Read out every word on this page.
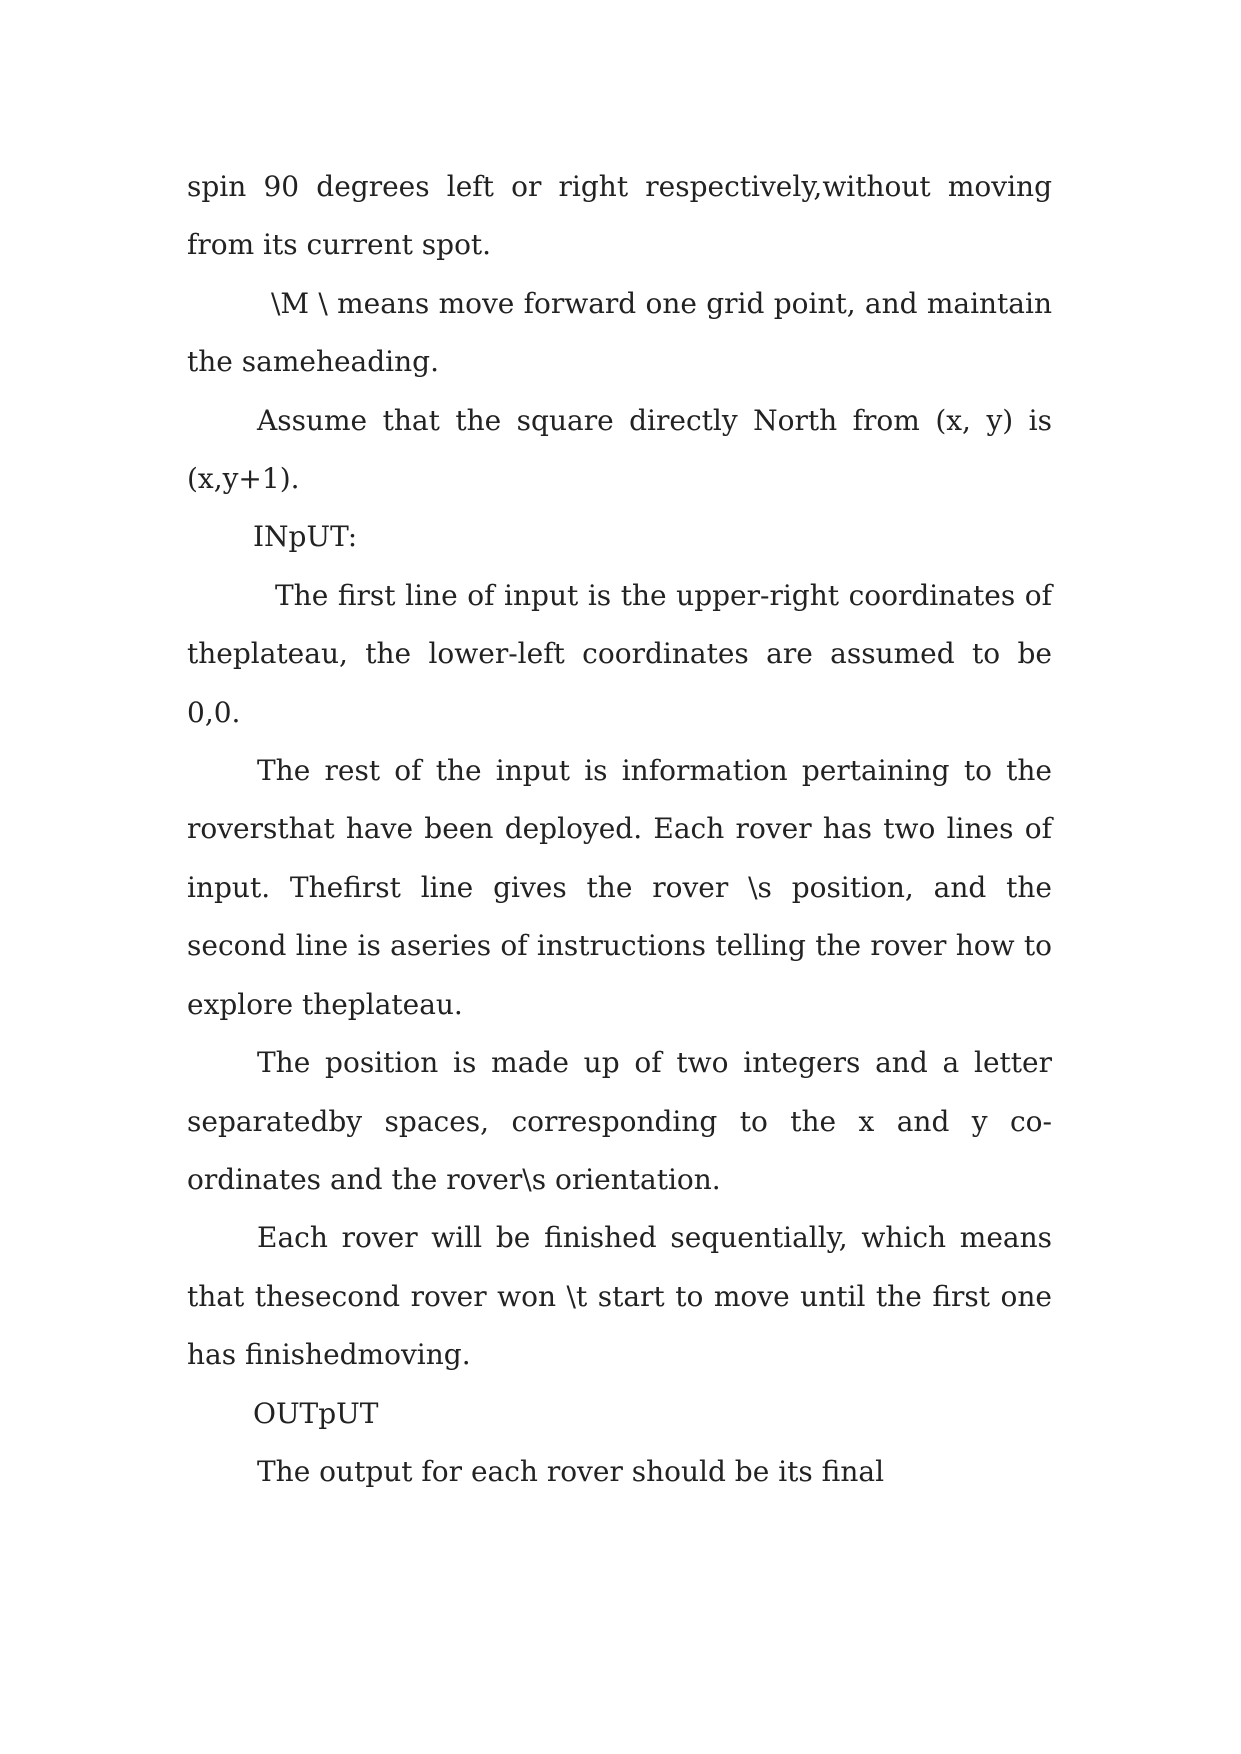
spin 90 degrees left or right respectively,without moving from its current spot.

\M \ means move forward one grid point, and maintain the sameheading.

Assume that the square directly North from (x, y) is (x,y+1).

INpUT:

The first line of input is the upper-right coordinates of theplateau, the lower-left coordinates are assumed to be 0,0.

The rest of the input is information pertaining to the roversthat have been deployed. Each rover has two lines of input. Thefirst line gives the rover \s position, and the second line is aseries of instructions telling the rover how to explore theplateau.

The position is made up of two integers and a letter separatedby spaces, corresponding to the x and y co-ordinates and the rover\s orientation.

Each rover will be finished sequentially, which means that thesecond rover won \t start to move until the first one has finishedmoving.

OUTpUT

The output for each rover should be its final
